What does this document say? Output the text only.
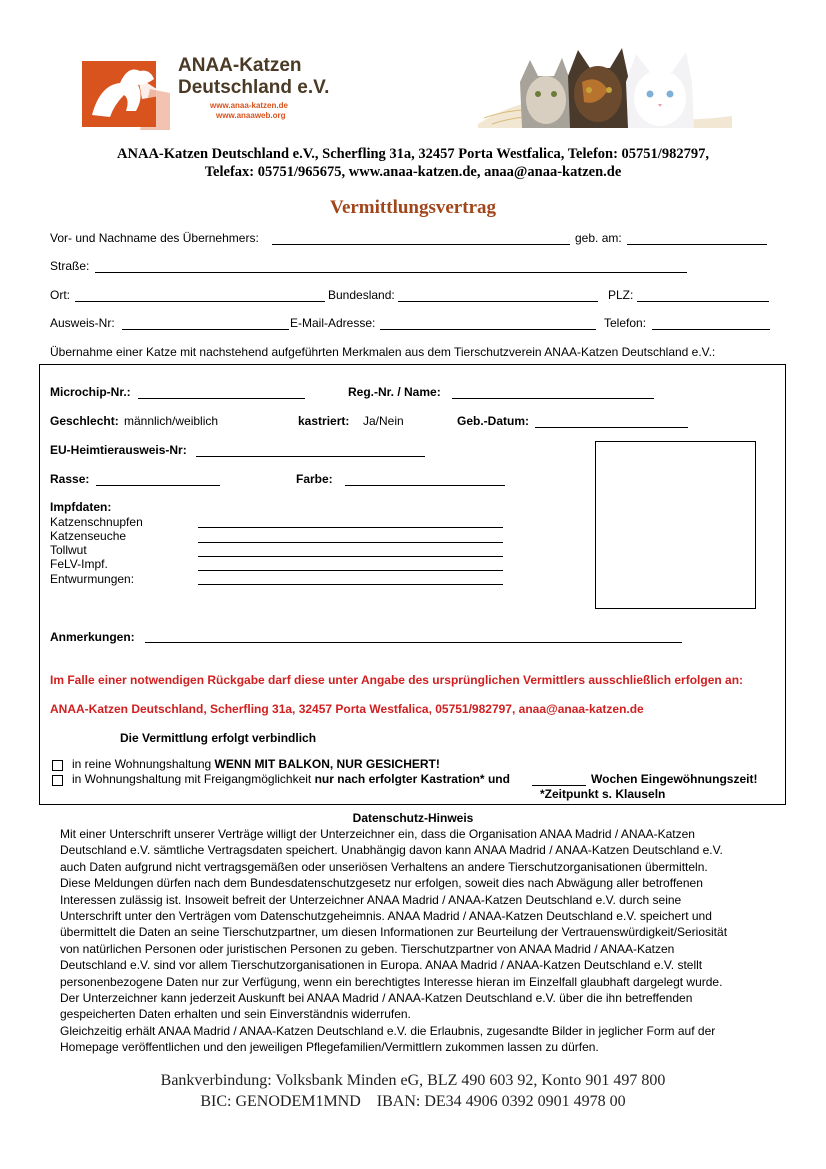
ANAA-Katzen
Deutschland e.V.
www.anaa-katzen.de
www.anaaweb.org
ANAA-Katzen Deutschland e.V., Scherfling 31a, 32457 Porta Westfalica, Telefon: 05751/982797,
Telefax: 05751/965675, www.anaa-katzen.de, anaa@anaa-katzen.de
Vermittlungsvertrag
Vor- und Nachname des Übernehmers:	geb. am:
Straße:
Ort:	Bundesland:	PLZ:
Ausweis-Nr:	E-Mail-Adresse:	Telefon:
Übernahme einer Katze mit nachstehend aufgeführten Merkmalen aus dem Tierschutzverein ANAA-Katzen Deutschland e.V.:
Microchip-Nr.:	Reg.-Nr. / Name:
Geschlecht: männlich/weiblich	kastriert: Ja/Nein	Geb.-Datum:
EU-Heimtierausweis-Nr:
Rasse:	Farbe:
Impfdaten:
Katzenschnupfen
Katzenseuche
Tollwut
FeLV-Impf.
Entwurmungen:
Anmerkungen:
Im Falle einer notwendigen Rückgabe darf diese unter Angabe des ursprünglichen Vermittlers ausschließlich erfolgen an:
ANAA-Katzen Deutschland, Scherfling 31a, 32457 Porta Westfalica, 05751/982797, anaa@anaa-katzen.de
Die Vermittlung erfolgt verbindlich
in reine Wohnungshaltung WENN MIT BALKON, NUR GESICHERT!
in Wohnungshaltung mit Freigangmöglichkeit nur nach erfolgter Kastration* und	Wochen Eingewöhnungszeit!
*Zeitpunkt s. Klauseln
Datenschutz-Hinweis
Mit einer Unterschrift unserer Verträge willigt der Unterzeichner ein, dass die Organisation ANAA Madrid / ANAA-Katzen
Deutschland e.V. sämtliche Vertragsdaten speichert. Unabhängig davon kann ANAA Madrid / ANAA-Katzen Deutschland e.V.
auch Daten aufgrund nicht vertragsgemäßen oder unseriösen Verhaltens an andere Tierschutzorganisationen übermitteln.
Diese Meldungen dürfen nach dem Bundesdatenschutzgesetz nur erfolgen, soweit dies nach Abwägung aller betroffenen
Interessen zulässig ist. Insoweit befreit der Unterzeichner ANAA Madrid / ANAA-Katzen Deutschland e.V. durch seine
Unterschrift unter den Verträgen vom Datenschutzgeheimnis. ANAA Madrid / ANAA-Katzen Deutschland e.V. speichert und
übermittelt die Daten an seine Tierschutzpartner, um diesen Informationen zur Beurteilung der Vertrauenswürdigkeit/Seriosität
von natürlichen Personen oder juristischen Personen zu geben. Tierschutzpartner von ANAA Madrid / ANAA-Katzen
Deutschland e.V. sind vor allem Tierschutzorganisationen in Europa. ANAA Madrid / ANAA-Katzen Deutschland e.V. stellt
personenbezogene Daten nur zur Verfügung, wenn ein berechtigtes Interesse hieran im Einzelfall glaubhaft dargelegt wurde.
Der Unterzeichner kann jederzeit Auskunft bei ANAA Madrid / ANAA-Katzen Deutschland e.V. über die ihn betreffenden
gespeicherten Daten erhalten und sein Einverständnis widerrufen.
Gleichzeitig erhält ANAA Madrid / ANAA-Katzen Deutschland e.V. die Erlaubnis, zugesandte Bilder in jeglicher Form auf der
Homepage veröffentlichen und den jeweiligen Pflegefamilien/Vermittlern zukommen lassen zu dürfen.
Bankverbindung: Volksbank Minden eG, BLZ 490 603 92, Konto 901 497 800
BIC: GENODEM1MND    IBAN: DE34 4906 0392 0901 4978 00
